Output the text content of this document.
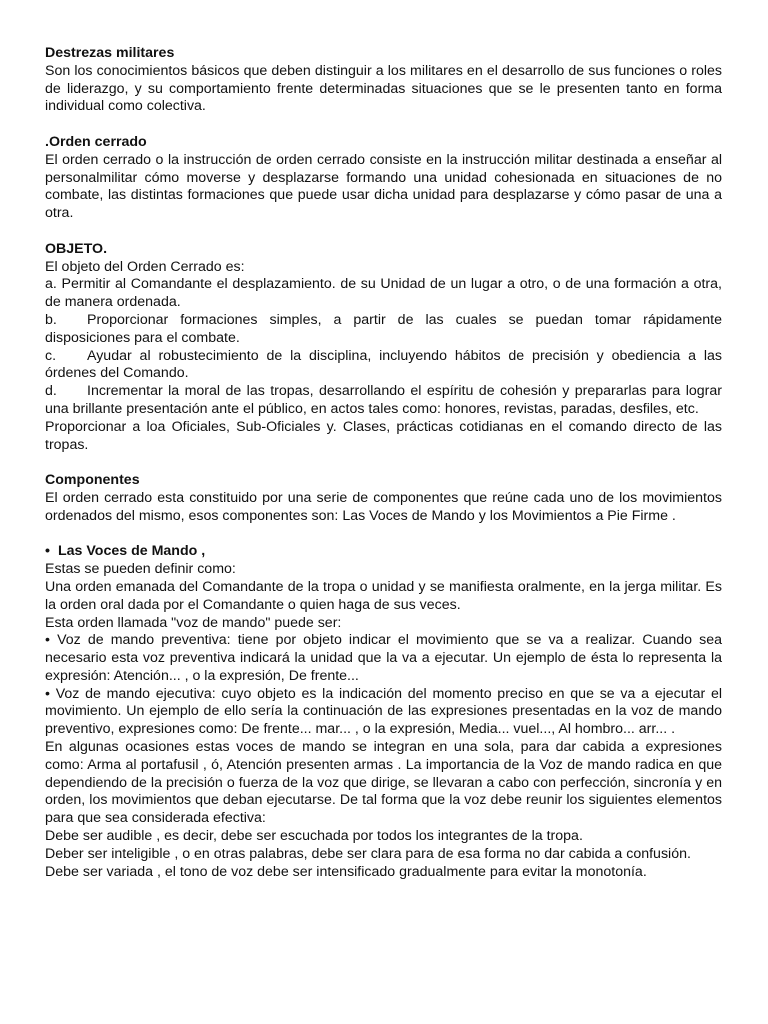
Destrezas militares

Son los conocimientos básicos que deben distinguir a los militares en el desarrollo de sus funciones o roles de liderazgo, y su comportamiento frente determinadas situaciones que se le presenten tanto en forma individual como colectiva.

.Orden cerrado

El orden cerrado o la instrucción de orden cerrado consiste en la instrucción militar destinada a enseñar al personalmilitar cómo moverse y desplazarse formando una unidad cohesionada en situaciones de no combate, las distintas formaciones que puede usar dicha unidad para desplazarse y cómo pasar de una a otra.

OBJETO.

El objeto del Orden Cerrado es:

a. Permitir al Comandante el desplazamiento. de su Unidad de un lugar a otro, o de una formación a otra, de manera ordenada.

b. Proporcionar formaciones simples, a partir de las cuales se puedan tomar rápidamente disposiciones para el combate.

c. Ayudar al robustecimiento de la disciplina, incluyendo hábitos de precisión y obediencia a las órdenes del Comando.

d. Incrementar la moral de las tropas, desarrollando el espíritu de cohesión y prepararlas para lograr una brillante presentación ante el público, en actos tales como: honores, revistas, paradas, desfiles, etc.

Proporcionar a loa Oficiales, Sub-Oficiales y. Clases, prácticas cotidianas en el comando directo de las tropas.

Componentes

El orden cerrado esta constituido por una serie de componentes que reúne cada uno de los movimientos ordenados del mismo, esos componentes son: Las Voces de Mando y los Movimientos a Pie Firme .

• Las Voces de Mando ,

Estas se pueden definir como:

Una orden emanada del Comandante de la tropa o unidad y se manifiesta oralmente, en la jerga militar. Es la orden oral dada por el Comandante o quien haga de sus veces.

Esta orden llamada "voz de mando" puede ser:

• Voz de mando preventiva: tiene por objeto indicar el movimiento que se va a realizar. Cuando sea necesario esta voz preventiva indicará la unidad que la va a ejecutar. Un ejemplo de ésta lo representa la expresión: Atención... , o la expresión, De frente...

• Voz de mando ejecutiva: cuyo objeto es la indicación del momento preciso en que se va a ejecutar el movimiento. Un ejemplo de ello sería la continuación de las expresiones presentadas en la voz de mando preventivo, expresiones como: De frente... mar... , o la expresión, Media... vuel..., Al hombro... arr... .

En algunas ocasiones estas voces de mando se integran en una sola, para dar cabida a expresiones como: Arma al portafusil , ó, Atención presenten armas . La importancia de la Voz de mando radica en que dependiendo de la precisión o fuerza de la voz que dirige, se llevaran a cabo con perfección, sincronía y en orden, los movimientos que deban ejecutarse. De tal forma que la voz debe reunir los siguientes elementos para que sea considerada efectiva:

Debe ser audible , es decir, debe ser escuchada por todos los integrantes de la tropa.

Deber ser inteligible , o en otras palabras, debe ser clara para de esa forma no dar cabida a confusión.

Debe ser variada , el tono de voz debe ser intensificado gradualmente para evitar la monotonía.
